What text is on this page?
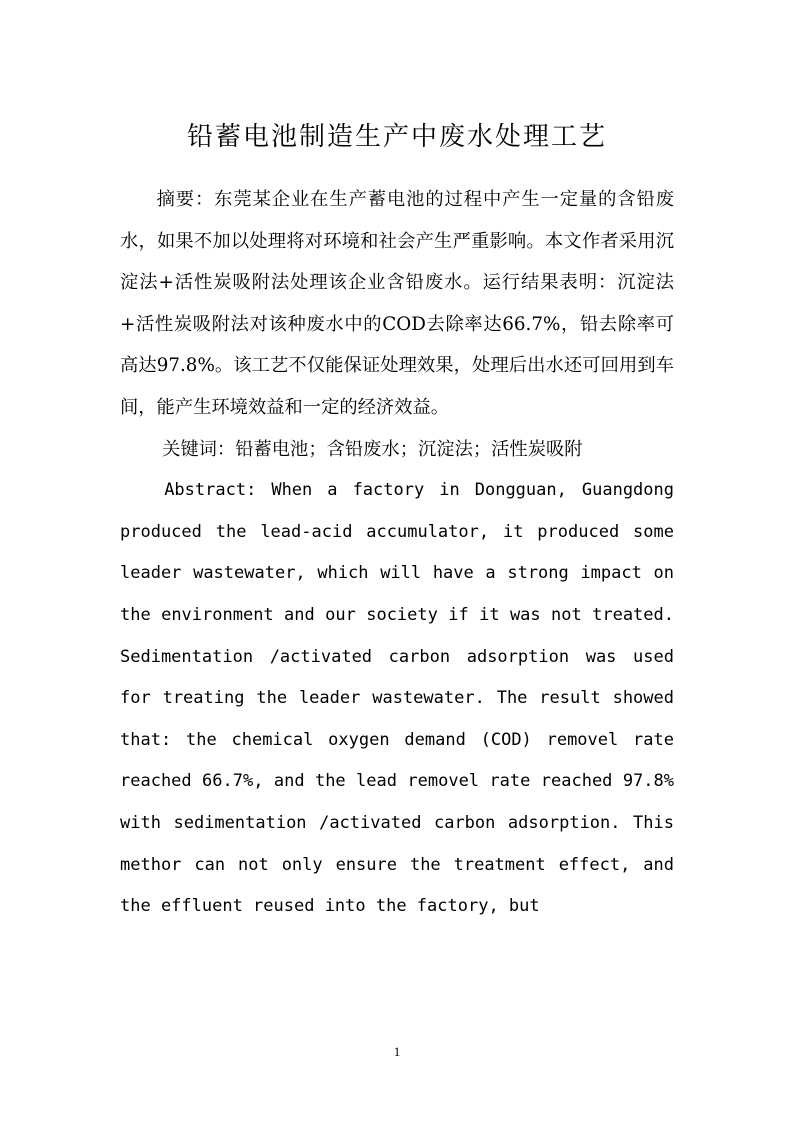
铅蓄电池制造生产中废水处理工艺

摘要：东莞某企业在生产蓄电池的过程中产生一定量的含铅废水，如果不加以处理将对环境和社会产生严重影响。本文作者采用沉淀法+活性炭吸附法处理该企业含铅废水。运行结果表明：沉淀法+活性炭吸附法对该种废水中的COD去除率达66.7%，铅去除率可高达97.8%。该工艺不仅能保证处理效果，处理后出水还可回用到车间，能产生环境效益和一定的经济效益。

关键词：铅蓄电池；含铅废水；沉淀法；活性炭吸附

Abstract: When a factory in Dongguan, Guangdong produced the lead-acid accumulator, it produced some leader wastewater, which will have a strong impact on the environment and our society if it was not treated. Sedimentation /activated carbon adsorption was used for treating the leader wastewater. The result showed that: the chemical oxygen demand (COD) removel rate reached 66.7%, and the lead removel rate reached 97.8% with sedimentation /activated carbon adsorption. This methor can not only ensure the treatment effect, and the effluent reused into the factory, but

1
